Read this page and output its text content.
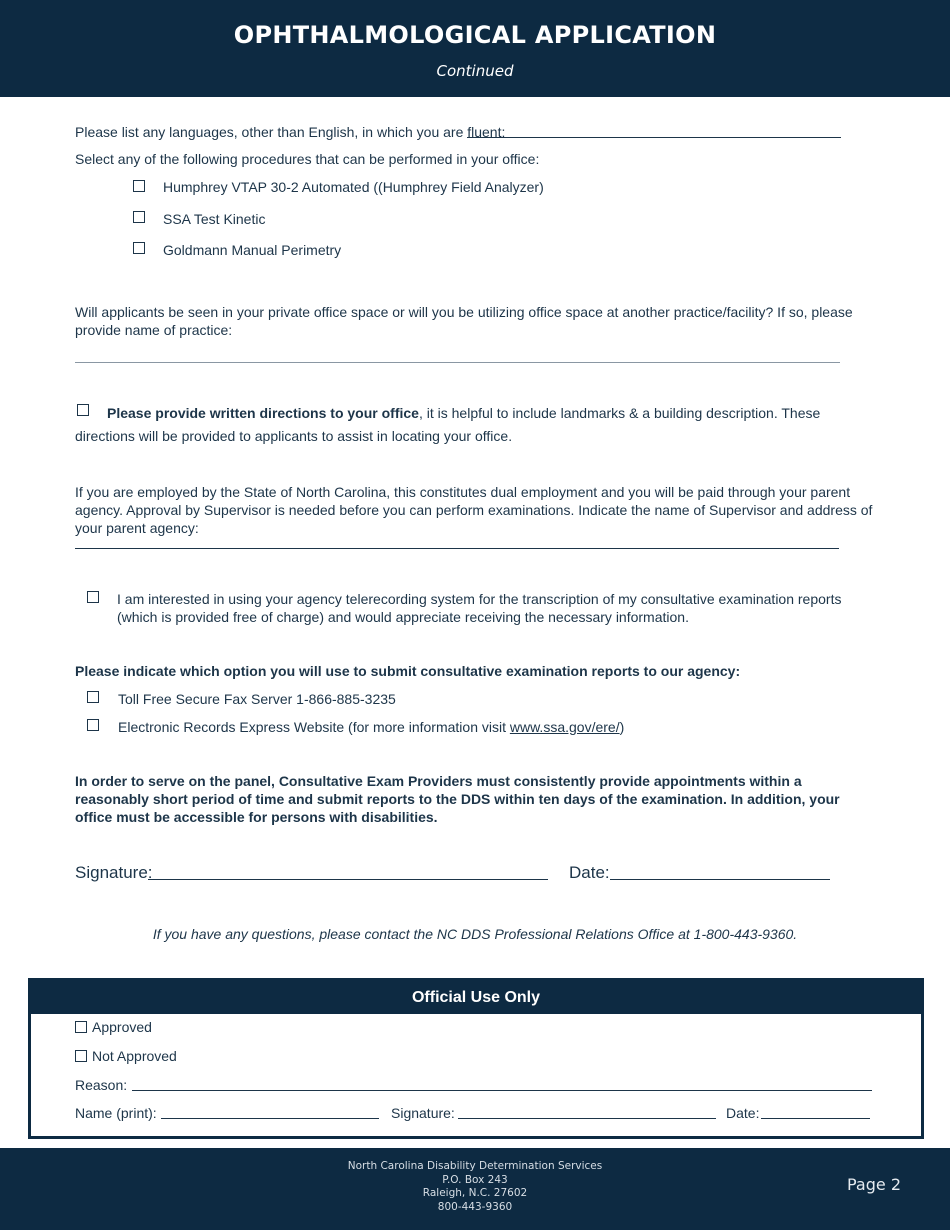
OPHTHALMOLOGICAL APPLICATION
Continued
Please list any languages, other than English, in which you are fluent:
Select any of the following procedures that can be performed in your office:
Humphrey VTAP 30-2 Automated ((Humphrey Field Analyzer)
SSA Test Kinetic
Goldmann Manual Perimetry
Will applicants be seen in your private office space or will you be utilizing office space at another practice/facility? If so, please provide name of practice:
Please provide written directions to your office, it is helpful to include landmarks & a building description. These directions will be provided to applicants to assist in locating your office.
If you are employed by the State of North Carolina, this constitutes dual employment and you will be paid through your parent agency. Approval by Supervisor is needed before you can perform examinations. Indicate the name of Supervisor and address of your parent agency:
I am interested in using your agency telerecording system for the transcription of my consultative examination reports (which is provided free of charge) and would appreciate receiving the necessary information.
Please indicate which option you will use to submit consultative examination reports to our agency:
Toll Free Secure Fax Server 1-866-885-3235
Electronic Records Express Website (for more information visit www.ssa.gov/ere/)
In order to serve on the panel, Consultative Exam Providers must consistently provide appointments within a reasonably short period of time and submit reports to the DDS within ten days of the examination. In addition, your office must be accessible for persons with disabilities.
Signature:	Date:
If you have any questions, please contact the NC DDS Professional Relations Office at 1-800-443-9360.
Official Use Only
Approved
Not Approved
Reason:
Name (print):	Signature:	Date:
North Carolina Disability Determination Services
P.O. Box 243
Raleigh, N.C. 27602
800-443-9360
Page 2
